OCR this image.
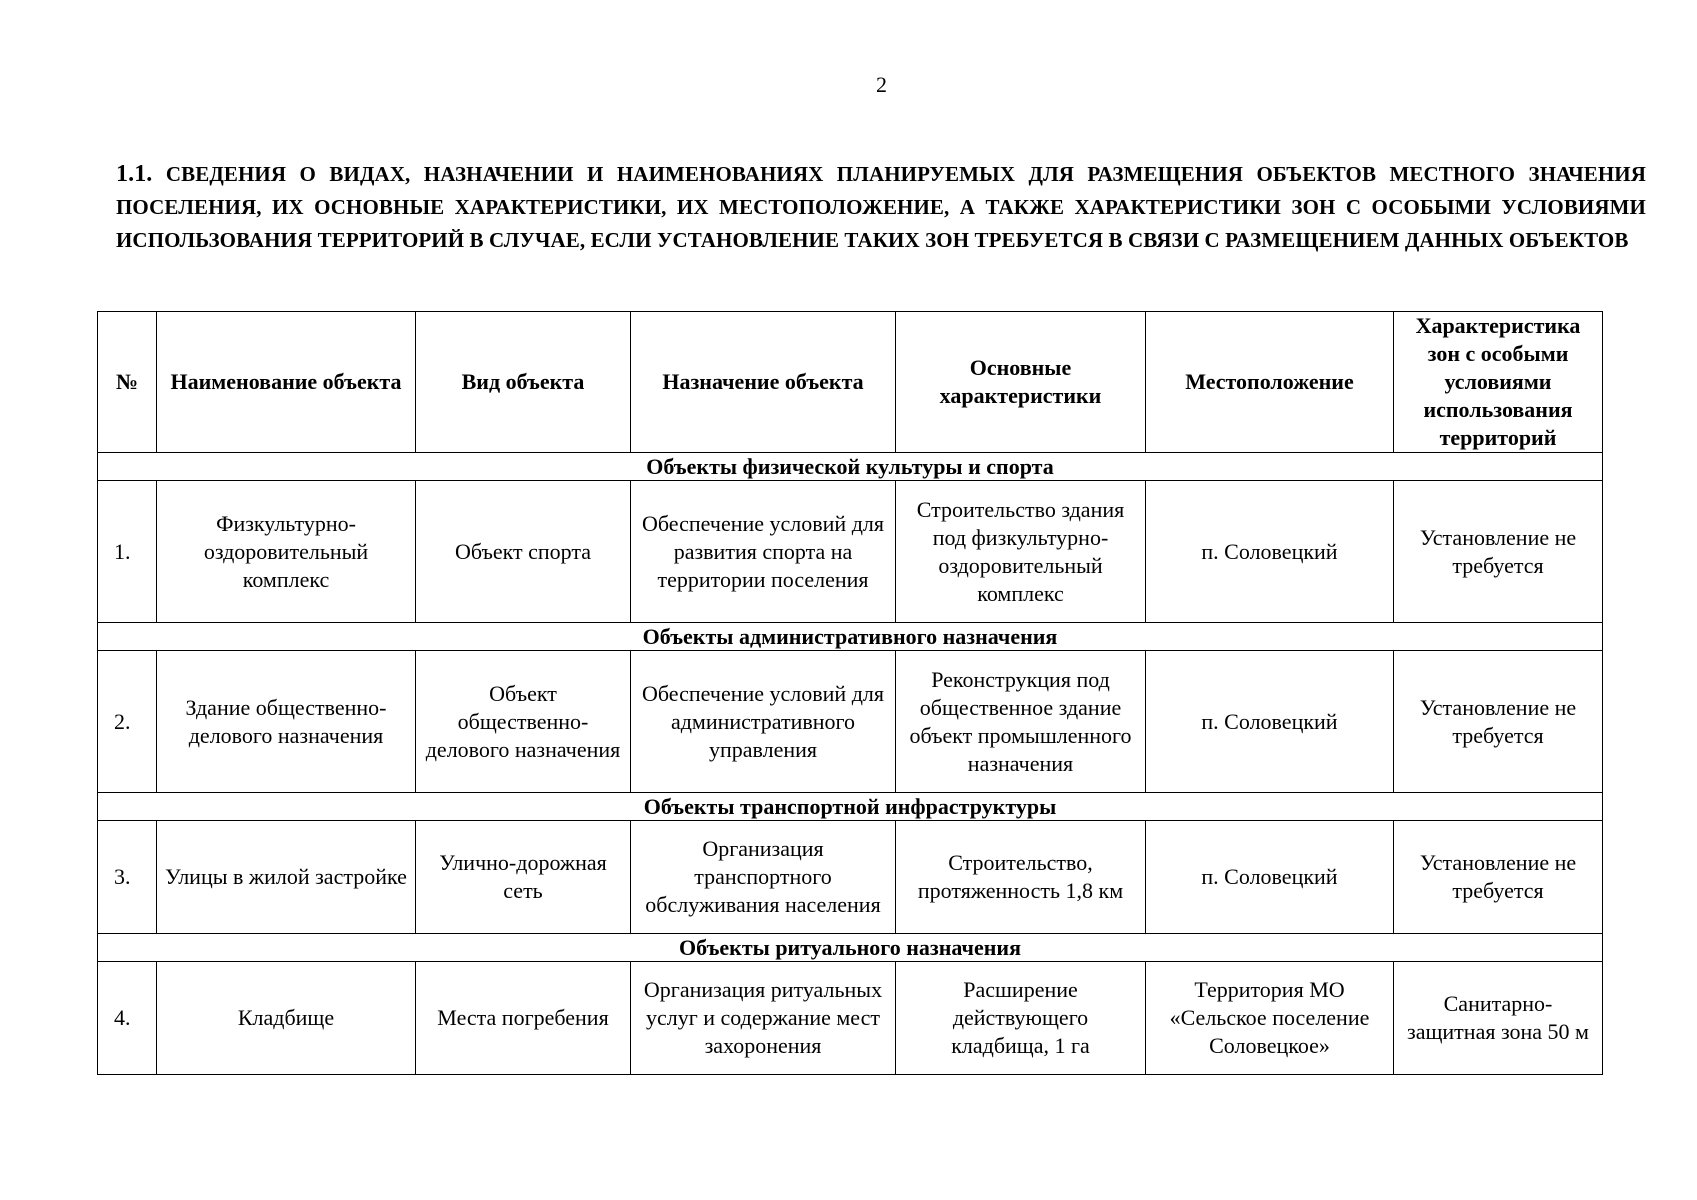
2
1.1. СВЕДЕНИЯ О ВИДАХ, НАЗНАЧЕНИИ И НАИМЕНОВАНИЯХ ПЛАНИРУЕМЫХ ДЛЯ РАЗМЕЩЕНИЯ ОБЪЕКТОВ МЕСТНОГО ЗНАЧЕНИЯ ПОСЕЛЕНИЯ, ИХ ОСНОВНЫЕ ХАРАКТЕРИСТИКИ, ИХ МЕСТОПОЛОЖЕНИЕ, А ТАКЖЕ ХАРАКТЕРИСТИКИ ЗОН С ОСОБЫМИ УСЛОВИЯМИ ИСПОЛЬЗОВАНИЯ ТЕРРИТОРИЙ В СЛУЧАЕ, ЕСЛИ УСТАНОВЛЕНИЕ ТАКИХ ЗОН ТРЕБУЕТСЯ В СВЯЗИ С РАЗМЕЩЕНИЕМ ДАННЫХ ОБЪЕКТОВ
№	Наименование объекта	Вид объекта	Назначение объекта	Основные характеристики	Местоположение	Характеристика зон с особыми условиями использования территорий
Объекты физической культуры и спорта						
1.	Физкультурно-оздоровительный комплекс	Объект спорта	Обеспечение условий для развития спорта на территории поселения	Строительство здания под физкультурно-оздоровительный комплекс	п. Соловецкий	Установление не требуется
Объекты административного назначения						
2.	Здание общественно-делового назначения	Объект общественно-делового назначения	Обеспечение условий для административного управления	Реконструкция под общественное здание объект промышленного назначения	п. Соловецкий	Установление не требуется
Объекты транспортной инфраструктуры						
3.	Улицы в жилой застройке	Улично-дорожная сеть	Организация транспортного обслуживания населения	Строительство, протяженность 1,8 км	п. Соловецкий	Установление не требуется
Объекты ритуального назначения						
4.	Кладбище	Места погребения	Организация ритуальных услуг и содержание мест захоронения	Расширение действующего кладбища, 1 га	Территория МО «Сельское поселение Соловецкое»	Санитарно-защитная зона 50 м
